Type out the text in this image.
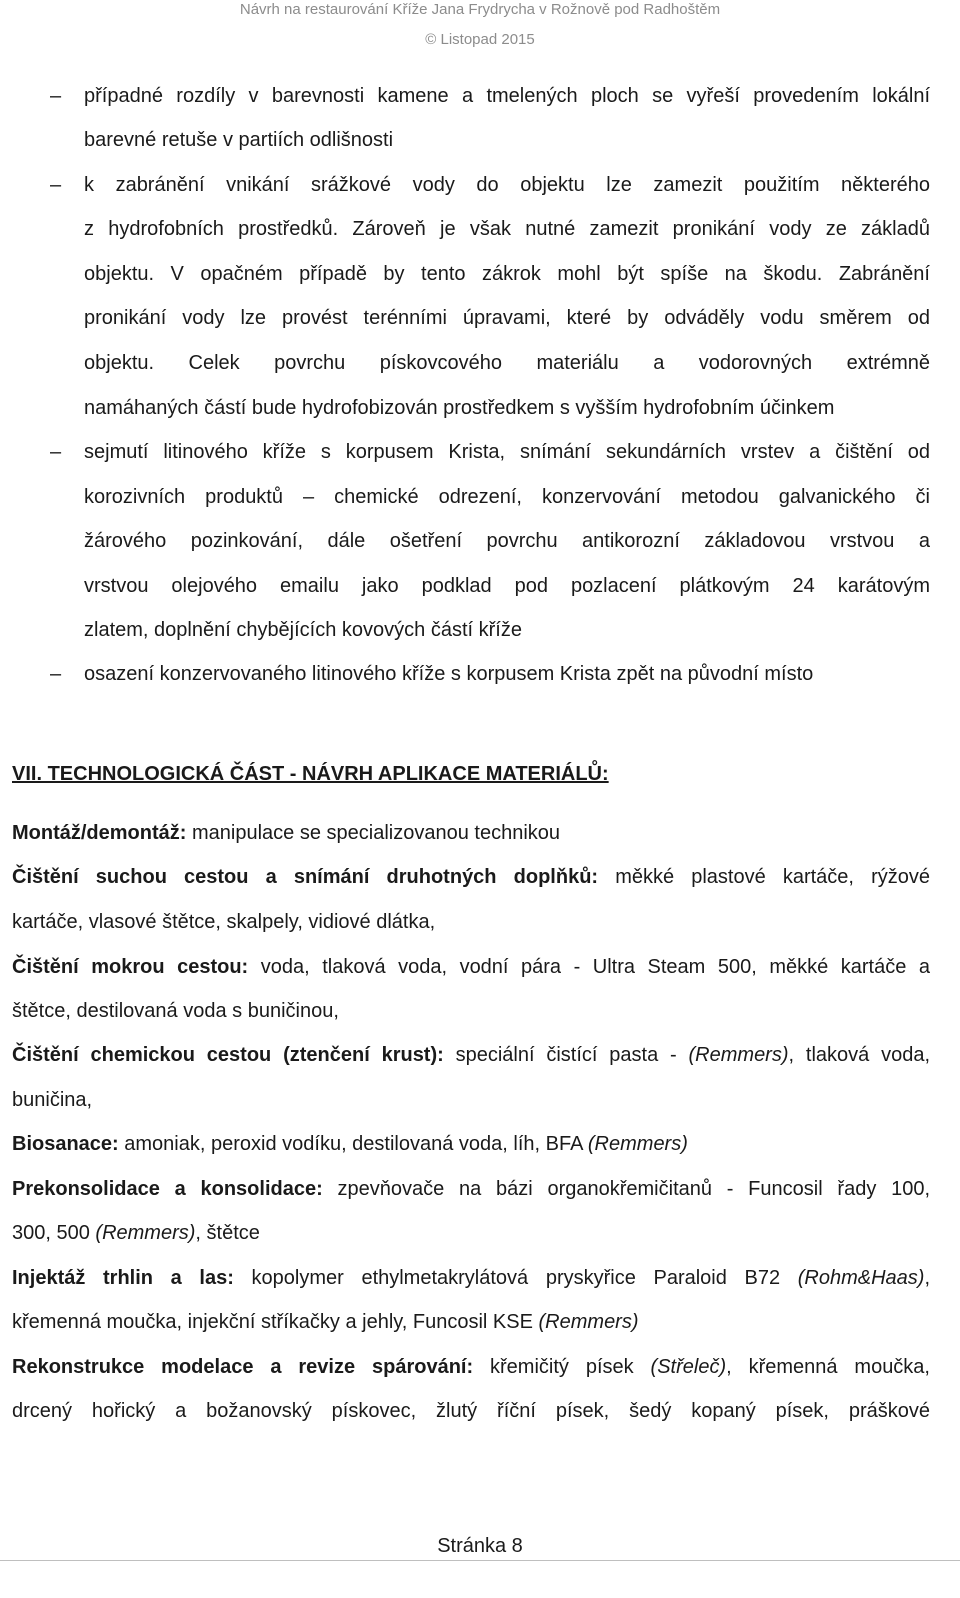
Návrh na restaurování Kříže Jana Frydrycha v Rožnově pod Radhoštěm
© Listopad 2015
– případné rozdíly v barevnosti kamene a tmelených ploch se vyřeší provedením lokální
barevné retuše v partiích odlišnosti
– k zabránění vnikání srážkové vody do objektu lze zamezit použitím některého
z hydrofobních prostředků. Zároveň je však nutné zamezit pronikání vody ze základů
objektu. V opačném případě by tento zákrok mohl být spíše na škodu. Zabránění
pronikání vody lze provést terénními úpravami, které by odváděly vodu směrem od
objektu. Celek povrchu pískovcového materiálu a vodorovných extrémně
namáhaných částí bude hydrofobizován prostředkem s vyšším hydrofobním účinkem
– sejmutí litinového kříže s korpusem Krista, snímání sekundárních vrstev a čištění od
korozivních produktů – chemické odrezení, konzervování metodou galvanického či
žárového pozinkování, dále ošetření povrchu antikorozní základovou vrstvou a
vrstvou olejového emailu jako podklad pod pozlacení plátkovým 24 karátovým
zlatem, doplnění chybějících kovových částí kříže
– osazení konzervovaného litinového kříže s korpusem Krista zpět na původní místo
VII. TECHNOLOGICKÁ ČÁST - NÁVRH APLIKACE MATERIÁLŮ:
Montáž/demontáž: manipulace se specializovanou technikou
Čištění suchou cestou a snímání druhotných doplňků: měkké plastové kartáče, rýžové
kartáče, vlasové štětce, skalpely, vidiové dlátka,
Čištění mokrou cestou: voda, tlaková voda, vodní pára - Ultra Steam 500, měkké kartáče a
štětce, destilovaná voda s buničinou,
Čištění chemickou cestou (ztenčení krust): speciální čistící pasta - (Remmers), tlaková voda,
buničina,
Biosanace: amoniak, peroxid vodíku, destilovaná voda, líh, BFA (Remmers)
Prekonsolidace a konsolidace: zpevňovače na bázi organokřemičitanů - Funcosil řady 100,
300, 500 (Remmers), štětce
Injektáž trhlin a las: kopolymer ethylmetakrylátová pryskyřice Paraloid B72 (Rohm&Haas),
křemenná moučka, injekční stříkačky a jehly, Funcosil KSE (Remmers)
Rekonstrukce modelace a revize spárování: křemičitý písek (Střeleč), křemenná moučka,
drcený hořický a božanovský pískovec, žlutý říční písek, šedý kopaný písek, práškové
Stránka 8
